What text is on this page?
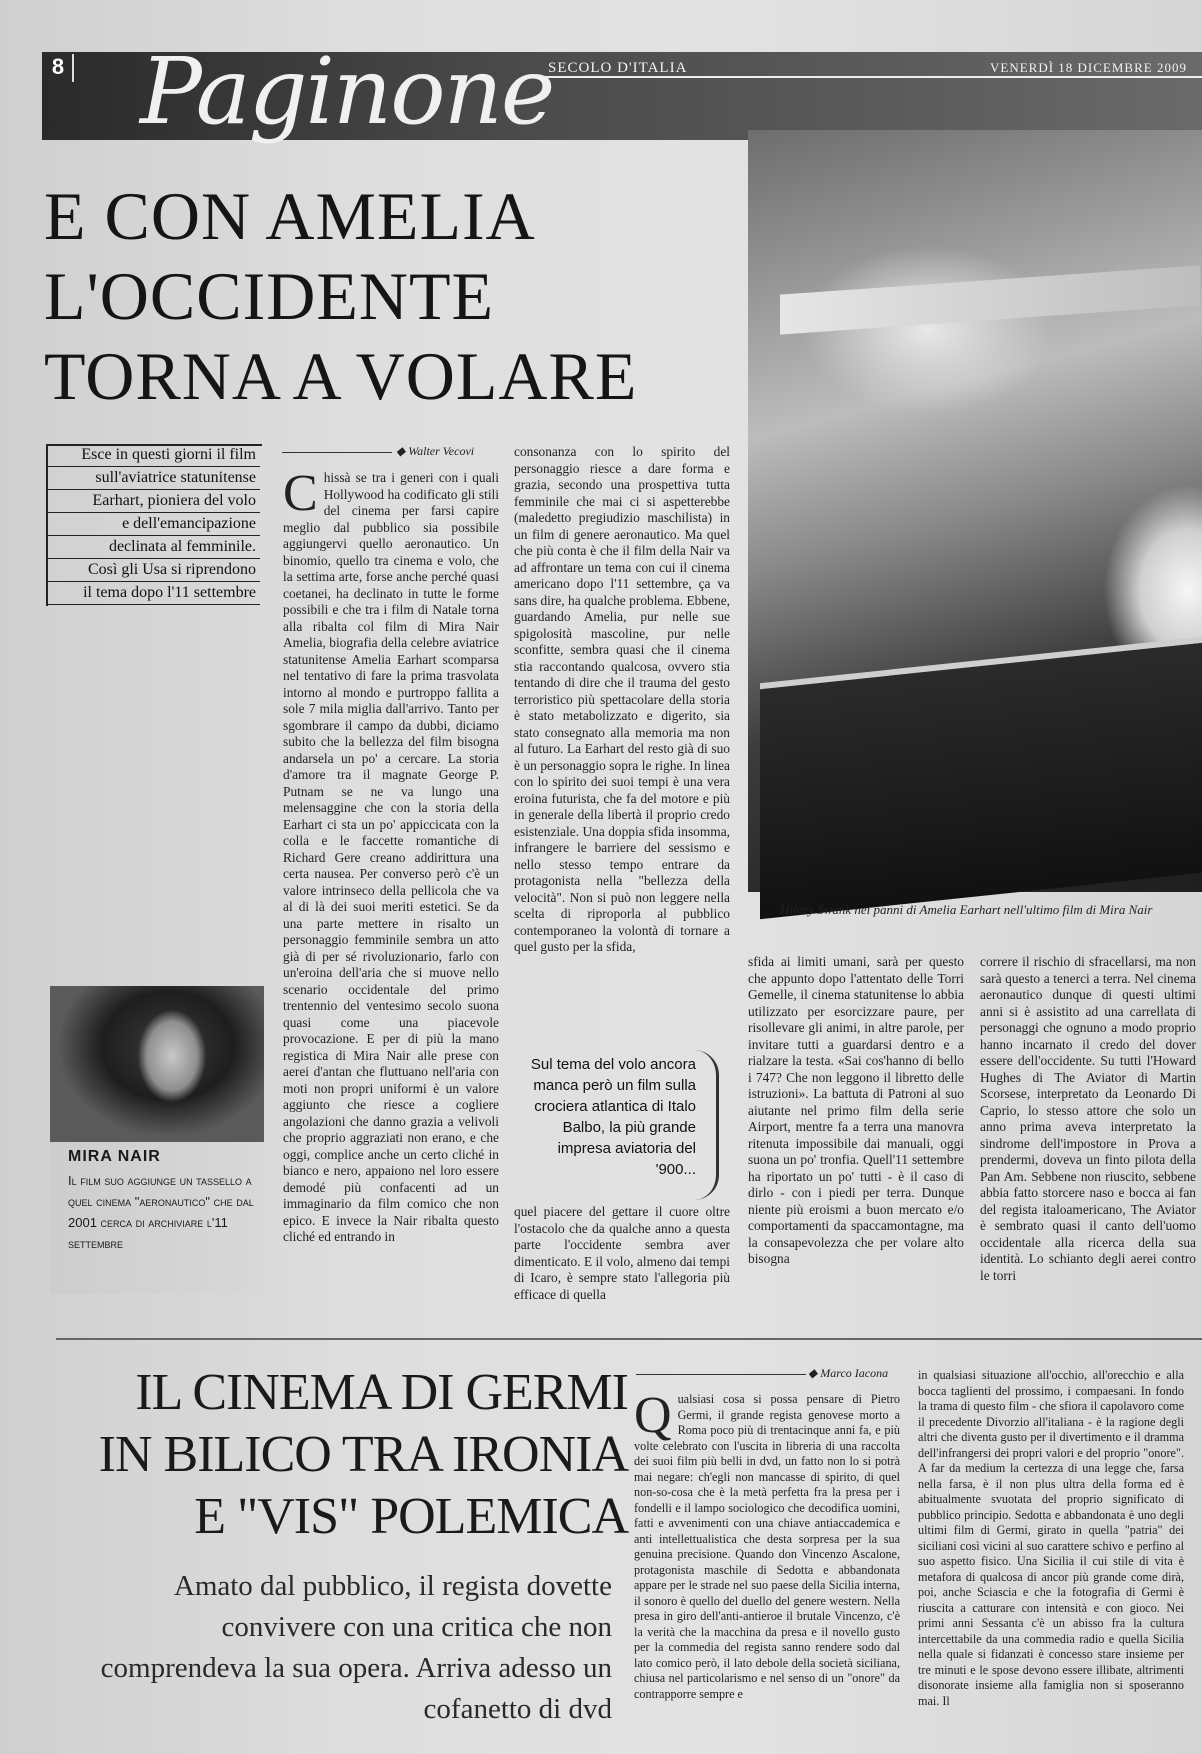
8 Paginone
SECOLO D'ITALIA	VENERDÌ 18 DICEMBRE 2009
E CON AMELIA
L'OCCIDENTE
TORNA A VOLARE
Esce in questi giorni il film
sull'aviatrice statunitense
Earhart, pioniera del volo
e dell'emancipazione
declinata al femminile.
Così gli Usa si riprendono
il tema dopo l'11 settembre
Hilary Swank nei panni di Amelia Earhart nell'ultimo film di Mira Nair
◆ Walter Vecovi
Chissà se tra i generi con i quali Hollywood ha codificato gli stili del cinema per farsi capire meglio dal pubblico sia possibile aggiungervi quello aeronautico. Un binomio, quello tra cinema e volo, che la settima arte, forse anche perché quasi coetanei, ha declinato in tutte le forme possibili e che tra i film di Natale torna alla ribalta col film di Mira Nair Amelia, biografia della celebre aviatrice statunitense Amelia Earhart scomparsa nel tentativo di fare la prima trasvolata intorno al mondo e purtroppo fallita a sole 7 mila miglia dall'arrivo. Tanto per sgombrare il campo da dubbi, diciamo subito che la bellezza del film bisogna andarsela un po' a cercare. La storia d'amore tra il magnate George P. Putnam se ne va lungo una melensaggine che con la storia della Earhart ci sta un po' appiccicata con la colla e le faccette romantiche di Richard Gere creano addirittura una certa nausea. Per converso però c'è un valore intrinseco della pellicola che va al di là dei suoi meriti estetici. Se da una parte mettere in risalto un personaggio femminile sembra un atto già di per sé rivoluzionario, farlo con un'eroina dell'aria che si muove nello scenario occidentale del primo trentennio del ventesimo secolo suona quasi come una piacevole provocazione. E per di più la mano registica di Mira Nair alle prese con aerei d'antan che fluttuano nell'aria con moti non propri uniformi è un valore aggiunto che riesce a cogliere angolazioni che danno grazia a velivoli che proprio aggraziati non erano, e che oggi, complice anche un certo cliché in bianco e nero, appaiono nel loro essere demodé più confacenti ad un immaginario da film comico che non epico. E invece la Nair ribalta questo cliché ed entrando in
consonanza con lo spirito del personaggio riesce a dare forma e grazia, secondo una prospettiva tutta femminile che mai ci si aspetterebbe (maledetto pregiudizio maschilista) in un film di genere aeronautico. Ma quel che più conta è che il film della Nair va ad affrontare un tema con cui il cinema americano dopo l'11 settembre, ça va sans dire, ha qualche problema. Ebbene, guardando Amelia, pur nelle sue spigolosità mascoline, pur nelle sconfitte, sembra quasi che il cinema stia raccontando qualcosa, ovvero stia tentando di dire che il trauma del gesto terroristico più spettacolare della storia è stato metabolizzato e digerito, sia stato consegnato alla memoria ma non al futuro. La Earhart del resto già di suo è un personaggio sopra le righe. In linea con lo spirito dei suoi tempi è una vera eroina futurista, che fa del motore e più in generale della libertà il proprio credo esistenziale. Una doppia sfida insomma, infrangere le barriere del sessismo e nello stesso tempo entrare da protagonista nella "bellezza della velocità". Non si può non leggere nella scelta di riproporla al pubblico contemporaneo la volontà di tornare a quel gusto per la sfida,
quel piacere del gettare il cuore oltre l'ostacolo che da qualche anno a questa parte l'occidente sembra aver dimenticato. E il volo, almeno dai tempi di Icaro, è sempre stato l'allegoria più efficace di quella
Sul tema del volo ancora manca però un film sulla crociera atlantica di Italo Balbo, la più grande impresa aviatoria del '900...
sfida ai limiti umani, sarà per questo che appunto dopo l'attentato delle Torri Gemelle, il cinema statunitense lo abbia utilizzato per esorcizzare paure, per risollevare gli animi, in altre parole, per invitare tutti a guardarsi dentro e a rialzare la testa. «Sai cos'hanno di bello i 747? Che non leggono il libretto delle istruzioni». La battuta di Patroni al suo aiutante nel primo film della serie Airport, mentre fa a terra una manovra ritenuta impossibile dai manuali, oggi suona un po' tronfia. Quell'11 settembre ha riportato un po' tutti - è il caso di dirlo - con i piedi per terra. Dunque niente più eroismi a buon mercato e/o comportamenti da spaccamontagne, ma la consapevolezza che per volare alto bisogna
correre il rischio di sfracellarsi, ma non sarà questo a tenerci a terra. Nel cinema aeronautico dunque di questi ultimi anni si è assistito ad una carrellata di personaggi che ognuno a modo proprio hanno incarnato il credo del dover essere dell'occidente. Su tutti l'Howard Hughes di The Aviator di Martin Scorsese, interpretato da Leonardo Di Caprio, lo stesso attore che solo un anno prima aveva interpretato la sindrome dell'impostore in Prova a prendermi, doveva un finto pilota della Pan Am. Sebbene non riuscito, sebbene abbia fatto storcere naso e bocca ai fan del regista italoamericano, The Aviator è sembrato quasi il canto dell'uomo occidentale alla ricerca della sua identità. Lo schianto degli aerei contro le torri
MIRA NAIR
Il film suo aggiunge un tassello a quel cinema "aeronautico" che dal 2001 cerca di archiviare l'11 settembre
IL CINEMA DI GERMI
IN BILICO TRA IRONIA
E "VIS" POLEMICA
Amato dal pubblico, il regista dovette convivere con una critica che non comprendeva la sua opera. Arriva adesso un cofanetto di dvd
◆ Marco Iacona
Qualsiasi cosa si possa pensare di Pietro Germi, il grande regista genovese morto a Roma poco più di trentacinque anni fa, e più volte celebrato con l'uscita in libreria di una raccolta dei suoi film più belli in dvd, un fatto non lo si potrà mai negare: ch'egli non mancasse di spirito, di quel non-so-cosa che è la metà perfetta fra la presa per i fondelli e il lampo sociologico che decodifica uomini, fatti e avvenimenti con una chiave antiaccademica e anti intellettualistica che desta sorpresa per la sua genuina precisione. Quando don Vincenzo Ascalone, protagonista maschile di Sedotta e abbandonata appare per le strade nel suo paese della Sicilia interna, il sonoro è quello del duello del genere western. Nella presa in giro dell'anti-antieroe il brutale Vincenzo, c'è la verità che la macchina da presa e il novello gusto per la commedia del regista sanno rendere sodo dal lato comico però, il lato debole della società siciliana, chiusa nel particolarismo e nel senso di un "onore" da contrapporre sempre e
in qualsiasi situazione all'occhio, all'orecchio e alla bocca taglienti del prossimo, i compaesani. In fondo la trama di questo film - che sfiora il capolavoro come il precedente Divorzio all'italiana - è la ragione degli altri che diventa gusto per il divertimento e il dramma dell'infrangersi dei propri valori e del proprio "onore". A far da medium la certezza di una legge che, farsa nella farsa, è il non plus ultra della forma ed è abitualmente svuotata del proprio significato di pubblico principio. Sedotta e abbandonata è uno degli ultimi film di Germi, girato in quella "patria" dei siciliani così vicini al suo carattere schivo e perfino al suo aspetto fisico. Una Sicilia il cui stile di vita è metafora di qualcosa di ancor più grande come dirà, poi, anche Sciascia e che la fotografia di Germi è riuscita a catturare con intensità e con gioco. Nei primi anni Sessanta c'è un abisso fra la cultura intercettabile da una commedia radio e quella Sicilia nella quale si fidanzati è concesso stare insieme per tre minuti e le spose devono essere illibate, altrimenti disonorate insieme alla famiglia non si sposeranno mai. Il
